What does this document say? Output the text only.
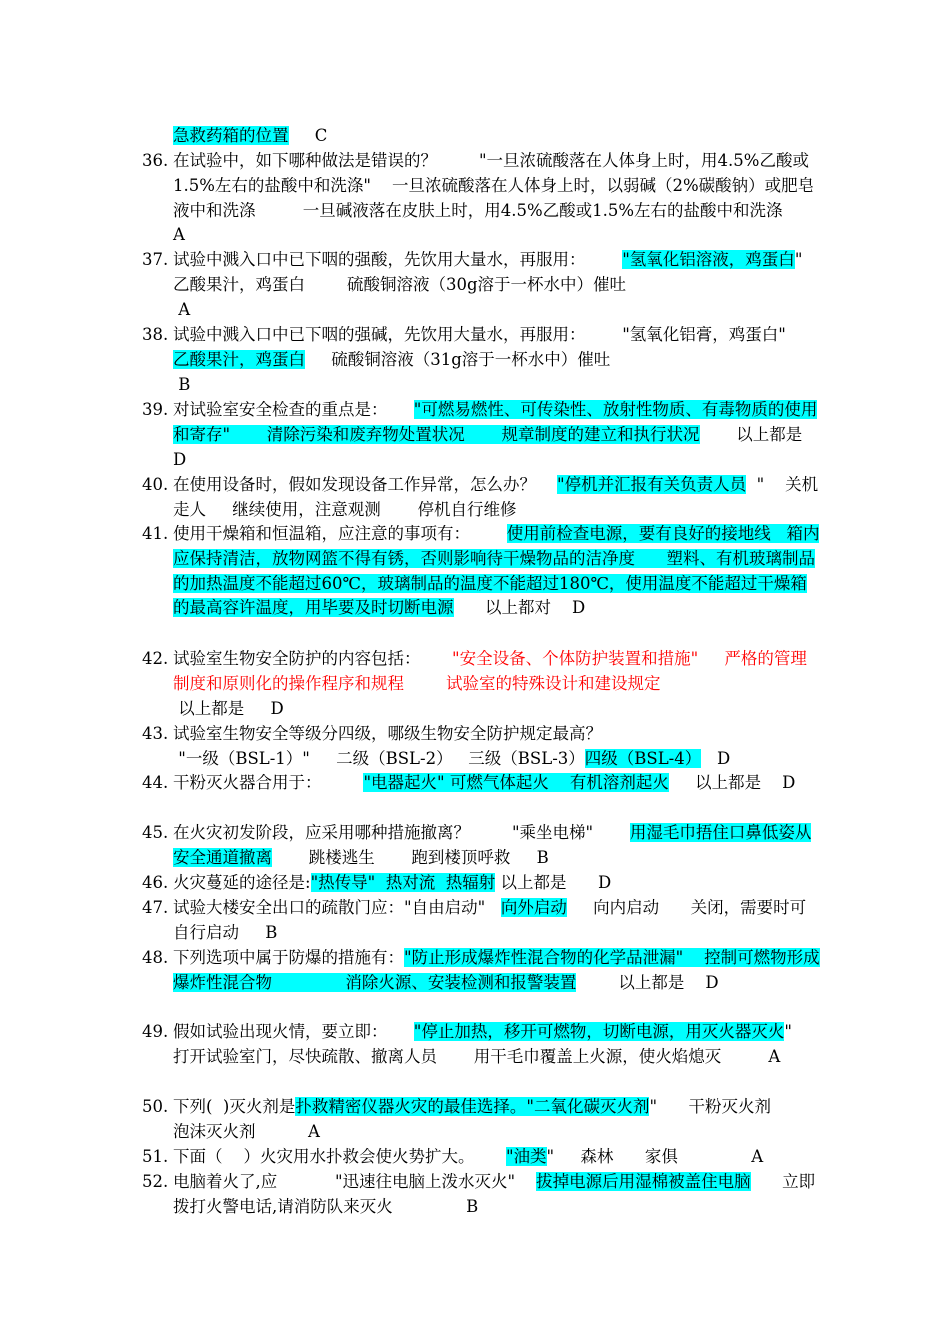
急救药箱的位置     C
36. 在试验中，如下哪种做法是错误的？        "一旦浓硫酸落在人体身上时，用4.5%乙酸或1.5%左右的盐酸中和洗涤"    一旦浓硫酸落在人体身上时，以弱碱（2%碳酸钠）或肥皂液中和洗涤         一旦碱液落在皮肤上时，用4.5%乙酸或1.5%左右的盐酸中和洗涤          A
37. 试验中溅入口中已下咽的强酸，先饮用大量水，再服用：       "氢氧化铝溶液，鸡蛋白"     乙酸果汁，鸡蛋白        硫酸铜溶液（30g溶于一杯水中）催吐
A
38. 试验中溅入口中已下咽的强碱，先饮用大量水，再服用：       "氢氧化铝膏，鸡蛋白"     乙酸果汁，鸡蛋白     硫酸铜溶液（31g溶于一杯水中）催吐
B
39. 对试验室安全检查的重点是：     "可燃易燃性、可传染性、放射性物质、有毒物质的使用和寄存"       清除污染和废弃物处置状况       规章制度的建立和执行状况       以上都是     D
40. 在使用设备时，假如发现设备工作异常，怎么办？    "停机并汇报有关负责人员  "    关机走人     继续使用，注意观测       停机自行维修
41. 使用干燥箱和恒温箱，应注意的事项有：       使用前检查电源，要有良好的接地线   箱内应保持清洁，放物网篮不得有锈，否则影响待干燥物品的洁净度      塑料、有机玻璃制品的加热温度不能超过60℃，玻璃制品的温度不能超过180℃，使用温度不能超过干燥箱的最高容许温度，用毕要及时切断电源      以上都对    D
42. 试验室生物安全防护的内容包括：      "安全设备、个体防护装置和措施"     严格的管理制度和原则化的操作程序和规程        试验室的特殊设计和建设规定
以上都是     D
43. 试验室生物安全等级分四级，哪级生物安全防护规定最高？
"一级（BSL-1）"     二级（BSL-2）   三级（BSL-3）四级（BSL-4）   D
44. 干粉灭火器合用于：        "电器起火" 可燃气体起火    有机溶剂起火     以上都是    D
45. 在火灾初发阶段，应采用哪种措施撤离？        "乘坐电梯"       用湿毛巾捂住口鼻低姿从安全通道撤离       跳楼逃生       跑到楼顶呼救     B
46. 火灾蔓延的途径是:"热传导"  热对流  热辐射 以上都是      D
47. 试验大楼安全出口的疏散门应："自由启动"   向外启动     向内启动      关闭，需要时可自行启动     B
48. 下列选项中属于防爆的措施有："防止形成爆炸性混合物的化学品泄漏"    控制可燃物形成爆炸性混合物              消除火源、安装检测和报警装置        以上都是    D
49. 假如试验出现火情，要立即：     "停止加热，移开可燃物，切断电源，用灭火器灭火"      打开试验室门，尽快疏散、撤离人员       用干毛巾覆盖上火源，使火焰熄灭         A
50. 下列(  )灭火剂是扑救精密仪器火灾的最佳选择。"二氧化碳灭火剂"      干粉灭火剂           泡沫灭火剂          A
51. 下面（    ）火灾用水扑救会使火势扩大。      "油类"     森林      家俱              A
52. 电脑着火了,应           "迅速往电脑上泼水灭火"    拔掉电源后用湿棉被盖住电脑      立即拨打火警电话,请消防队来灭火              B
